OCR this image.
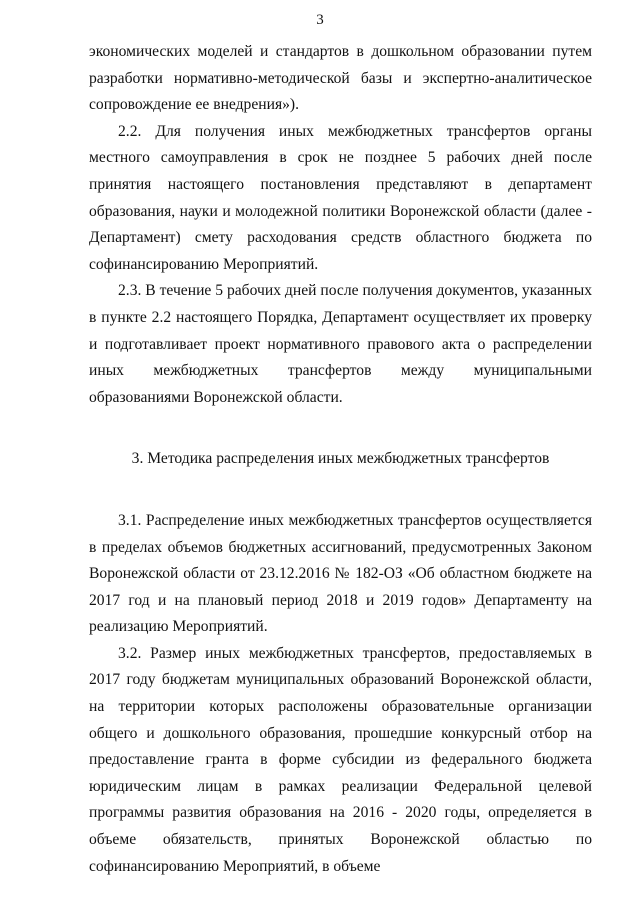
3

экономических моделей и стандартов в дошкольном образовании путем разработки нормативно-методической базы и экспертно-аналитическое сопровождение ее внедрения»).

2.2. Для получения иных межбюджетных трансфертов органы местного самоуправления в срок не позднее 5 рабочих дней после принятия настоящего постановления представляют в департамент образования, науки и молодежной политики Воронежской области (далее - Департамент) смету расходования средств областного бюджета по софинансированию Мероприятий.

2.3. В течение 5 рабочих дней после получения документов, указанных в пункте 2.2 настоящего Порядка, Департамент осуществляет их проверку и подготавливает проект нормативного правового акта о распределении иных межбюджетных трансфертов между муниципальными образованиями Воронежской области.

3. Методика распределения иных межбюджетных трансфертов

3.1. Распределение иных межбюджетных трансфертов осуществляется в пределах объемов бюджетных ассигнований, предусмотренных Законом Воронежской области от 23.12.2016 № 182-ОЗ «Об областном бюджете на 2017 год и на плановый период 2018 и 2019 годов» Департаменту на реализацию Мероприятий.

3.2. Размер иных межбюджетных трансфертов, предоставляемых в 2017 году бюджетам муниципальных образований Воронежской области, на территории которых расположены образовательные организации общего и дошкольного образования, прошедшие конкурсный отбор на предоставление гранта в форме субсидии из федерального бюджета юридическим лицам в рамках реализации Федеральной целевой программы развития образования на 2016 - 2020 годы, определяется в объеме обязательств, принятых Воронежской областью по софинансированию Мероприятий, в объеме
